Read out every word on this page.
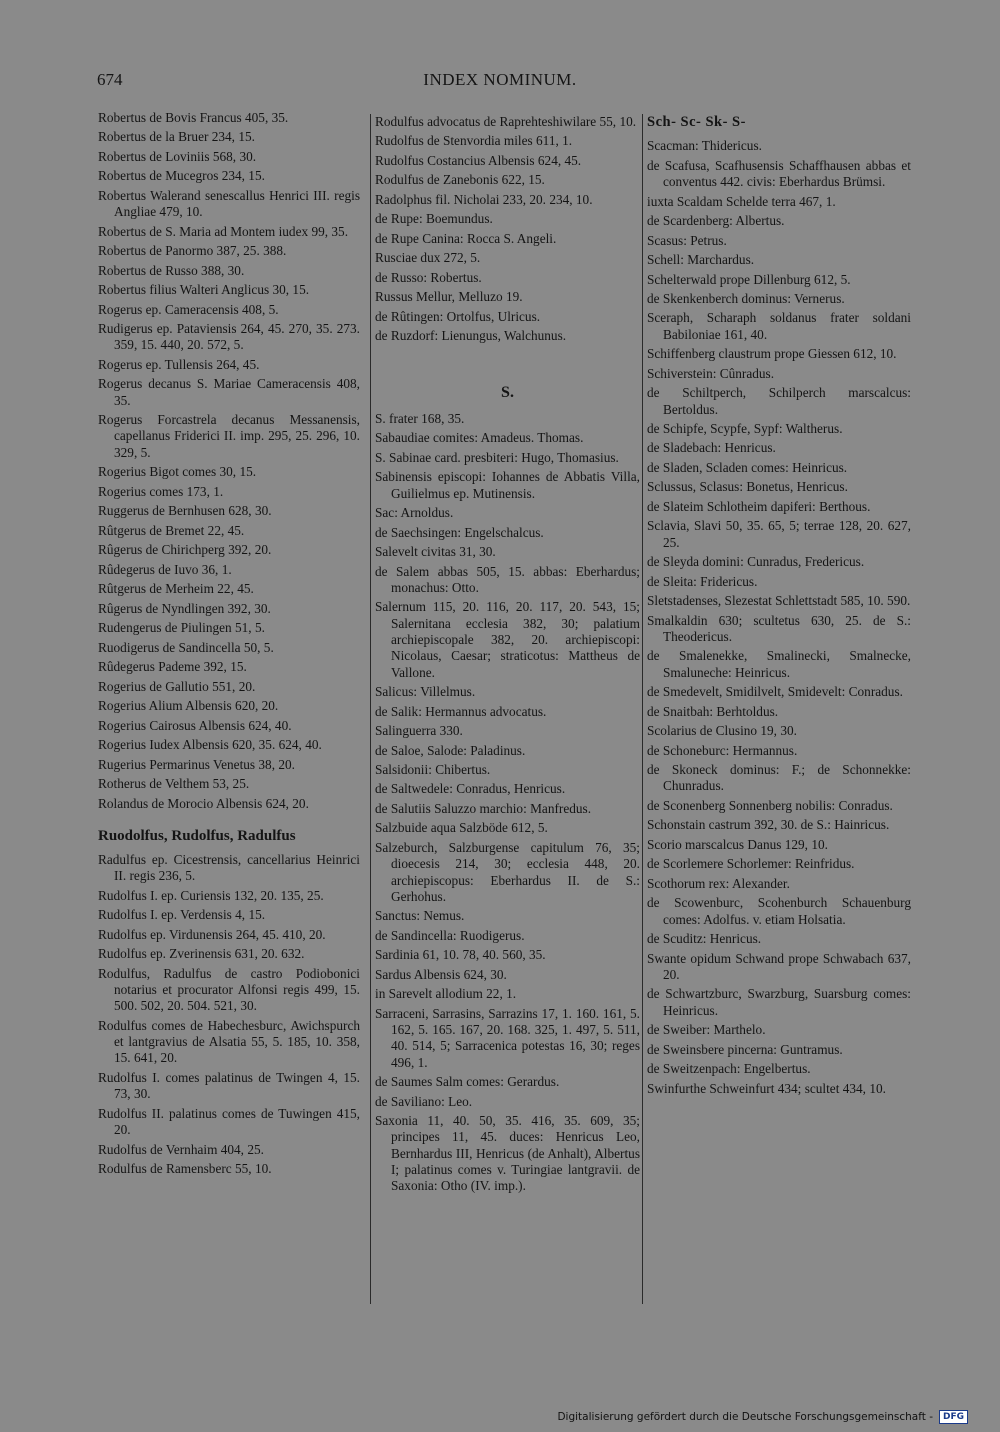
674	INDEX NOMINUM.
Robertus de Bovis Francus 405, 35.
Robertus de la Bruer 234, 15.
Robertus de Loviniis 568, 30.
Robertus de Mucegros 234, 15.
Robertus Walerand senescallus Henrici III. regis Angliae 479, 10.
Robertus de S. Maria ad Montem iudex 99, 35.
Robertus de Panormo 387, 25. 388.
Robertus de Russo 388, 30.
Robertus filius Walteri Anglicus 30, 15.
Rogerus ep. Cameracensis 408, 5.
Rudigerus ep. Pataviensis 264, 45. 270, 35. 273. 359, 15. 440, 20. 572, 5.
Rogerus ep. Tullensis 264, 45.
Rogerus decanus S. Mariae Cameracensis 408, 35.
Rogerus Forcastrela decanus Messanensis, capellanus Friderici II. imp. 295, 25. 296, 10. 329, 5.
Rogerius Bigot comes 30, 15.
Rogerius comes 173, 1.
Ruggerus de Bernhusen 628, 30.
Rûtgerus de Bremet 22, 45.
Rûgerus de Chirichperg 392, 20.
Rûdegerus de Iuvo 36, 1.
Rûtgerus de Merheim 22, 45.
Rûgerus de Nyndlingen 392, 30.
Rudengerus de Piulingen 51, 5.
Ruodigerus de Sandincella 50, 5.
Rûdegerus Pademe 392, 15.
Rogerius de Gallutio 551, 20.
Rogerius Alium Albensis 620, 20.
Rogerius Cairosus Albensis 624, 40.
Rogerius Iudex Albensis 620, 35. 624, 40.
Rugerius Permarinus Venetus 38, 20.
Rotherus de Velthem 53, 25.
Rolandus de Morocio Albensis 624, 20.
Ruodolfus, Rudolfus, Radulfus
Radulfus ep. Cicestrensis, cancellarius Heinrici II. regis 236, 5.
Rudolfus I. ep. Curiensis 132, 20. 135, 25.
Rudolfus I. ep. Verdensis 4, 15.
Rudolfus ep. Virdunensis 264, 45. 410, 20.
Rudolfus ep. Zverinensis 631, 20. 632.
Rodulfus, Radulfus de castro Podiobonici notarius et procurator Alfonsi regis 499, 15. 500. 502, 20. 504. 521, 30.
Rodulfus comes de Habechesburc, Awichspurch et lantgravius de Alsatia 55, 5. 185, 10. 358, 15. 641, 20.
Rudolfus I. comes palatinus de Twingen 4, 15. 73, 30.
Rudolfus II. palatinus comes de Tuwingen 415, 20.
Rudolfus de Vernhaim 404, 25.
Rodulfus de Ramensberc 55, 10.
Rodulfus advocatus de Raprehteshiwilare 55, 10.
Rudolfus de Stenvordia miles 611, 1.
Rudolfus Costancius Albensis 624, 45.
Rodulfus de Zanebonis 622, 15.
Radolphus fil. Nicholai 233, 20. 234, 10.
de Rupe: Boemundus.
de Rupe Canina: Rocca S. Angeli.
Rusciae dux 272, 5.
de Russo: Robertus.
Russus Mellur, Melluzo 19.
de Rûtingen: Ortolfus, Ulricus.
de Ruzdorf: Lienungus, Walchunus.
S.
S. frater 168, 35.
Sabaudiae comites: Amadeus. Thomas.
S. Sabinae card. presbiteri: Hugo, Thomasius.
Sabinensis episcopi: Iohannes de Abbatis Villa, Guilielmus ep. Mutinensis.
Sac: Arnoldus.
de Saechsingen: Engelschalcus.
Salevelt civitas 31, 30.
de Salem abbas 505, 15. abbas: Eberhardus; monachus: Otto.
Salernum 115, 20. 116, 20. 117, 20. 543, 15; Salernitana ecclesia 382, 30; palatium archiepiscopale 382, 20. archiepiscopi: Nicolaus, Caesar; straticotus: Mattheus de Vallone.
Salicus: Villelmus.
de Salik: Hermannus advocatus.
Salinguerra 330.
de Saloe, Salode: Paladinus.
Salsidonii: Chibertus.
de Saltwedele: Conradus, Henricus.
de Salutiis Saluzzo marchio: Manfredus.
Salzbuide aqua Salzböde 612, 5.
Salzeburch, Salzburgense capitulum 76, 35; dioecesis 214, 30; ecclesia 448, 20. archiepiscopus: Eberhardus II. de S.: Gerhohus.
Sanctus: Nemus.
de Sandincella: Ruodigerus.
Sardinia 61, 10. 78, 40. 560, 35.
Sardus Albensis 624, 30.
in Sarevelt allodium 22, 1.
Sarraceni, Sarrasins, Sarrazins 17, 1. 160. 161, 5. 162, 5. 165. 167, 20. 168. 325, 1. 497, 5. 511, 40. 514, 5; Sarracenica potestas 16, 30; reges 496, 1.
de Saumes Salm comes: Gerardus.
de Saviliano: Leo.
Saxonia 11, 40. 50, 35. 416, 35. 609, 35; principes 11, 45. duces: Henricus Leo, Bernhardus III, Henricus (de Anhalt), Albertus I; palatinus comes v. Turingiae lantgravii. de Saxonia: Otho (IV. imp.).
Sch- Sc- Sk- S-
Scacman: Thidericus.
de Scafusa, Scafhusensis Schaffhausen abbas et conventus 442. civis: Eberhardus Brümsi.
iuxta Scaldam Schelde terra 467, 1.
de Scardenberg: Albertus.
Scasus: Petrus.
Schell: Marchardus.
Schelterwald prope Dillenburg 612, 5.
de Skenkenberch dominus: Vernerus.
Sceraph, Scharaph soldanus frater soldani Babiloniae 161, 40.
Schiffenberg claustrum prope Giessen 612, 10.
Schiverstein: Cûnradus.
de Schiltperch, Schilperch marscalcus: Bertoldus.
de Schipfe, Scypfe, Sypf: Waltherus.
de Sladebach: Henricus.
de Sladen, Scladen comes: Heinricus.
Sclussus, Sclasus: Bonetus, Henricus.
de Slateim Schlotheim dapiferi: Berthous.
Sclavia, Slavi 50, 35. 65, 5; terrae 128, 20. 627, 25.
de Sleyda domini: Cunradus, Fredericus.
de Sleita: Fridericus.
Sletstadenses, Slezestat Schlettstadt 585, 10. 590.
Smalkaldin 630; scultetus 630, 25. de S.: Theodericus.
de Smalenekke, Smalinecki, Smalnecke, Smaluneche: Heinricus.
de Smedevelt, Smidilvelt, Smidevelt: Conradus.
de Snaitbah: Berhtoldus.
Scolarius de Clusino 19, 30.
de Schoneburc: Hermannus.
de Skoneck dominus: F.; de Schonnekke: Chunradus.
de Sconenberg Sonnenberg nobilis: Conradus.
Schonstain castrum 392, 30. de S.: Hainricus.
Scorio marscalcus Danus 129, 10.
de Scorlemere Schorlemer: Reinfridus.
Scothorum rex: Alexander.
de Scowenburc, Scohenburch Schauenburg comes: Adolfus. v. etiam Holsatia.
de Scuditz: Henricus.
Swante opidum Schwand prope Schwabach 637, 20.
de Schwartzburc, Swarzburg, Suarsburg comes: Heinricus.
de Sweiber: Marthelo.
de Sweinsbere pincerna: Guntramus.
de Sweitzenpach: Engelbertus.
Swinfurthe Schweinfurt 434; scultet 434, 10.
Digitalisierung gefördert durch die Deutsche Forschungsgemeinschaft -	DFG
